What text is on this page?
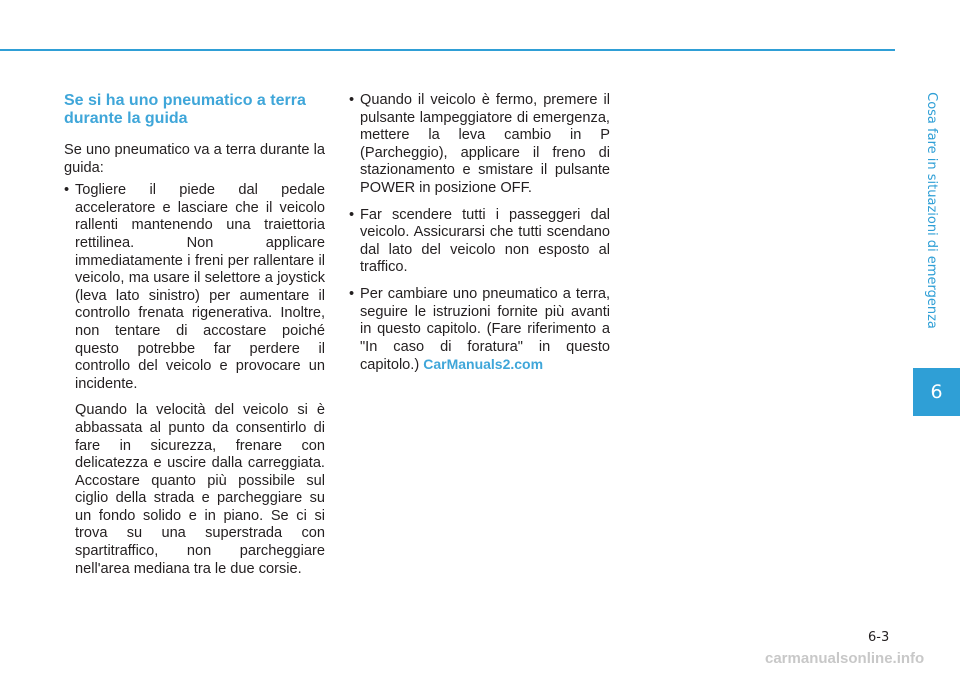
Cosa fare in situazioni di emergenza
6
Se si ha uno pneumatico a terra durante la guida

Se uno pneumatico va a terra durante la guida:

• Togliere il piede dal pedale acceleratore e lasciare che il veicolo rallenti mantenendo una traiettoria rettilinea. Non applicare immediatamente i freni per rallentare il veicolo, ma usare il selettore a joystick (leva lato sinistro) per aumentare il controllo frenata rigenerativa. Inoltre, non tentare di accostare poiché questo potrebbe far perdere il controllo del veicolo e provocare un incidente.

Quando la velocità del veicolo si è abbassata al punto da consentirlo di fare in sicurezza, frenare con delicatezza e uscire dalla carreggiata. Accostare quanto più possibile sul ciglio della strada e parcheggiare su un fondo solido e in piano. Se ci si trova su una superstrada con spartitraffico, non parcheggiare nell'area mediana tra le due corsie.

• Quando il veicolo è fermo, premere il pulsante lampeggiatore di emergenza, mettere la leva cambio in P (Parcheggio), applicare il freno di stazionamento e smistare il pulsante POWER in posizione OFF.
• Far scendere tutti i passeggeri dal veicolo. Assicurarsi che tutti scendano dal lato del veicolo non esposto al traffico.
• Per cambiare uno pneumatico a terra, seguire le istruzioni fornite più avanti in questo capitolo. (Fare riferimento a "In caso di foratura" in questo capitolo.) CarManuals2.com
6-3
carmanualsonline.info
